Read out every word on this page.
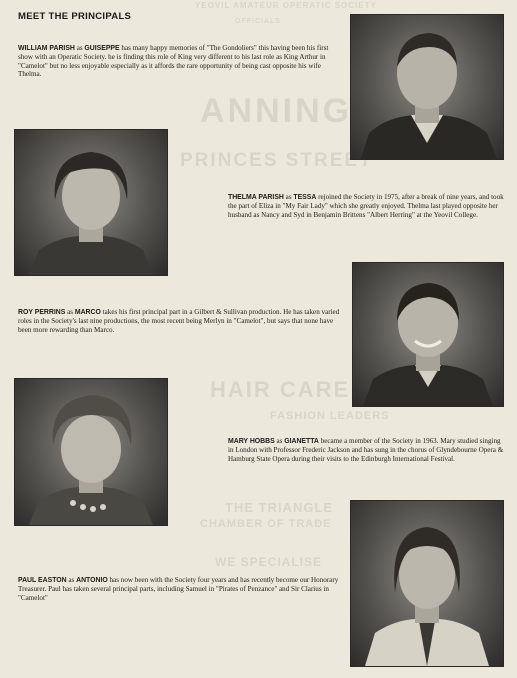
YEOVIL AMATEUR OPERATIC SOCIETY
OFFICIALS
ANNINGS
PRINCES STREET
FASHION LEADERS
HAIR CARE CENTRE
THE TRIANGLE
CHAMBER OF TRADE
WE SPECIALISE
MEET THE PRINCIPALS

WILLIAM PARISH as GUISEPPE has many happy memories of "The Gondoliers" this having been his first show with an Operatic Society. he is finding this role of King very different to his last role as King Arthur in "Camelot" but no less enjoyable especially as it affords the rare opportunity of being cast opposite his wife Thelma.

THELMA PARISH as TESSA rejoined the Society in 1975, after a break of nine years, and took the part of Eliza in "My Fair Lady" which she greatly enjoyed. Thelma last played opposite her husband as Nancy and Syd in Benjamin Brittens "Albert Herring" at the Yeovil College.

ROY PERRINS as MARCO takes his first principal part in a Gilbert & Sullivan production. He has taken varied roles in the Society's last nine productions, the most recent being Merlyn in "Camelot", but says that none have been more rewarding than Marco.

MARY HOBBS as GIANETTA became a member of the Society in 1963. Mary studied singing in London with Professor Frederic Jackson and has sung in the chorus of Glyndebourne Opera & Hamburg State Opera during their visits to the Edinburgh International Festival.

PAUL EASTON as ANTONIO has now been with the Society four years and has recently become our Honorary Treasurer. Paul has taken several principal parts, including Samuel in "Pirates of Penzance" and Sir Clarius in "Camelot"
